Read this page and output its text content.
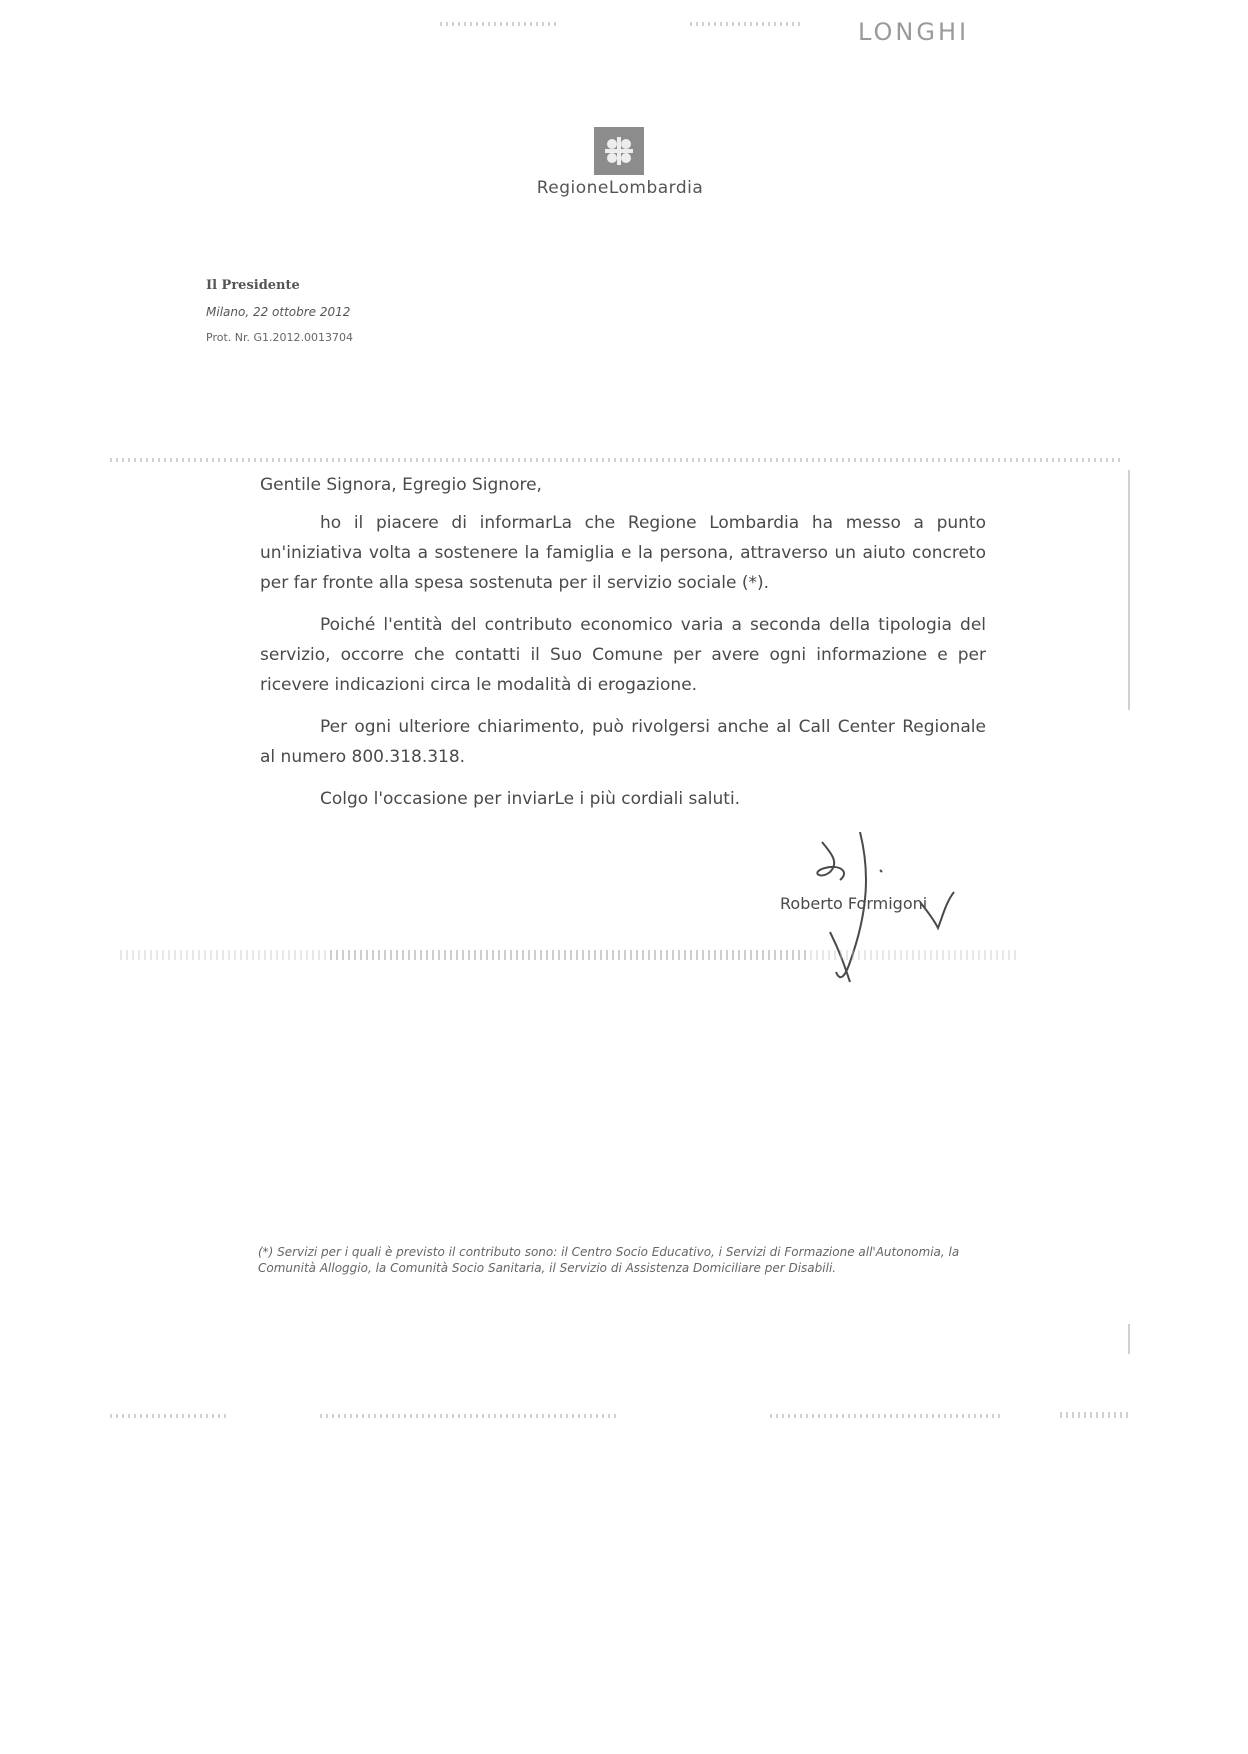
LONGHI
RegioneLombardia
Il Presidente
Milano, 22 ottobre 2012
Prot. Nr. G1.2012.0013704
Gentile Signora, Egregio Signore,

ho il piacere di informarLa che Regione Lombardia ha messo a punto un'iniziativa volta a sostenere la famiglia e la persona, attraverso un aiuto concreto per far fronte alla spesa sostenuta per il servizio sociale (*).

Poiché l'entità del contributo economico varia a seconda della tipologia del servizio, occorre che contatti il Suo Comune per avere ogni informazione e per ricevere indicazioni circa le modalità di erogazione.

Per ogni ulteriore chiarimento, può rivolgersi anche al Call Center Regionale al numero 800.318.318.

Colgo l'occasione per inviarLe i più cordiali saluti.

Roberto Formigoni
(*) Servizi per i quali è previsto il contributo sono: il Centro Socio Educativo, i Servizi di Formazione all'Autonomia, la Comunità Alloggio, la Comunità Socio Sanitaria, il Servizio di Assistenza Domiciliare per Disabili.
